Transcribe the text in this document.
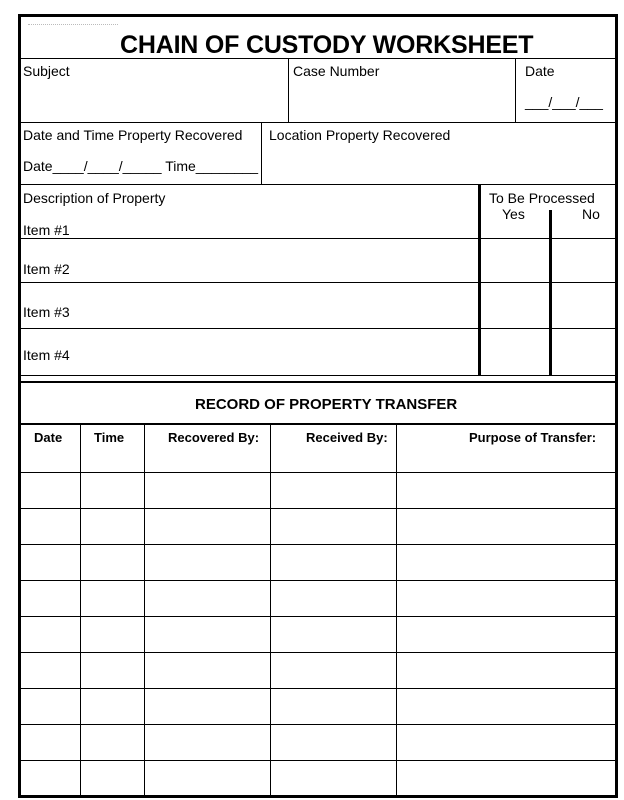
CHAIN OF CUSTODY WORKSHEET
Subject	Case Number	Date
___/___/___
Date and Time Property Recovered Location Property Recovered
Date____/____/_____ Time________
Description of Property	To Be Processed
Yes	No
Item #1
Item #2
Item #3
Item #4
RECORD OF PROPERTY TRANSFER
Date Time	Recovered By:	Received By:	Purpose of Transfer:
